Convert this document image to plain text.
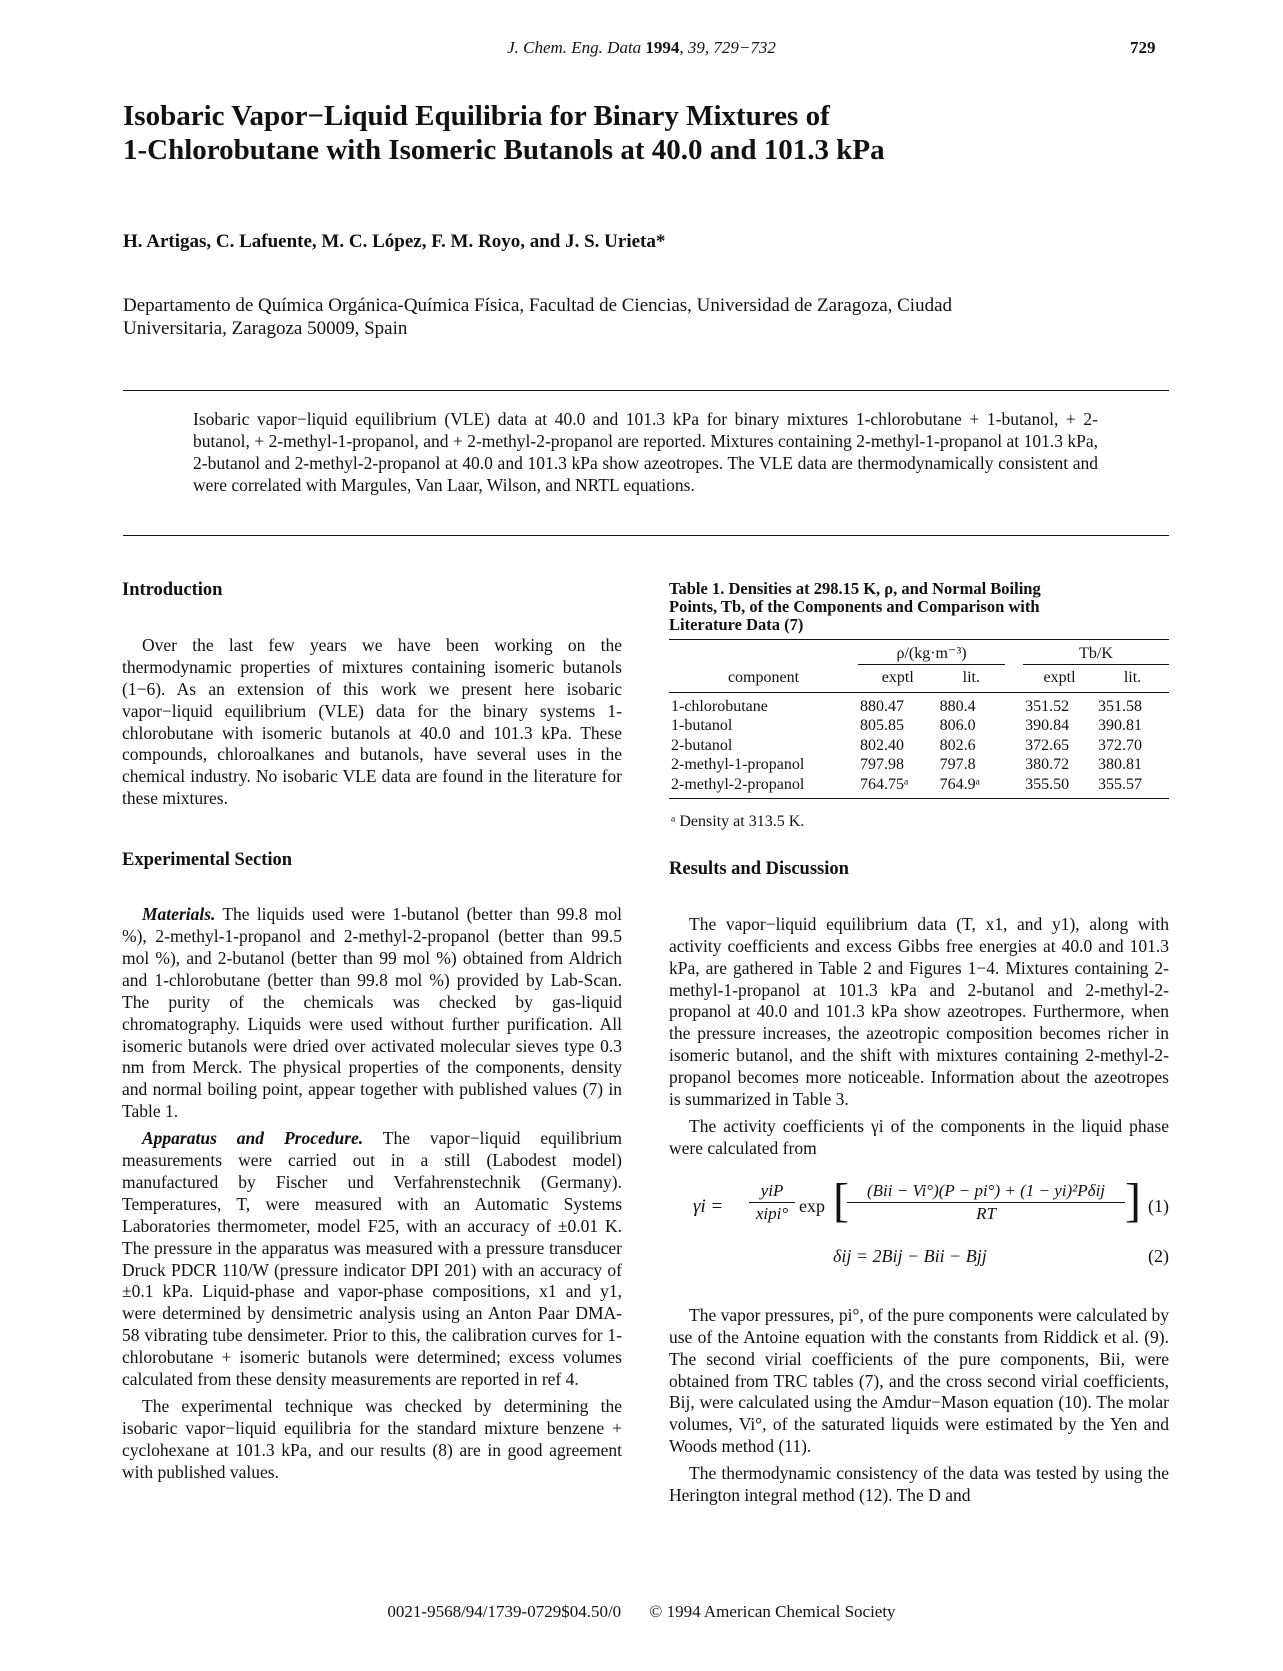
J. Chem. Eng. Data 1994, 39, 729−732	729
Isobaric Vapor−Liquid Equilibria for Binary Mixtures of
1-Chlorobutane with Isomeric Butanols at 40.0 and 101.3 kPa
H. Artigas, C. Lafuente, M. C. López, F. M. Royo, and J. S. Urieta*
Departamento de Química Orgánica-Química Física, Facultad de Ciencias, Universidad de Zaragoza, Ciudad
Universitaria, Zaragoza 50009, Spain
Isobaric vapor−liquid equilibrium (VLE) data at 40.0 and 101.3 kPa for binary mixtures 1-chlorobutane + 1-butanol, + 2-butanol, + 2-methyl-1-propanol, and + 2-methyl-2-propanol are reported. Mixtures containing 2-methyl-1-propanol at 101.3 kPa, 2-butanol and 2-methyl-2-propanol at 40.0 and 101.3 kPa show azeotropes. The VLE data are thermodynamically consistent and were correlated with Margules, Van Laar, Wilson, and NRTL equations.
Introduction

Over the last few years we have been working on the thermodynamic properties of mixtures containing isomeric butanols (1−6). As an extension of this work we present here isobaric vapor−liquid equilibrium (VLE) data for the binary systems 1-chlorobutane with isomeric butanols at 40.0 and 101.3 kPa. These compounds, chloroalkanes and butanols, have several uses in the chemical industry. No isobaric VLE data are found in the literature for these mixtures.

Experimental Section

Materials. The liquids used were 1-butanol (better than 99.8 mol %), 2-methyl-1-propanol and 2-methyl-2-propanol (better than 99.5 mol %), and 2-butanol (better than 99 mol %) obtained from Aldrich and 1-chlorobutane (better than 99.8 mol %) provided by Lab-Scan. The purity of the chemicals was checked by gas-liquid chromatography. Liquids were used without further purification. All isomeric butanols were dried over activated molecular sieves type 0.3 nm from Merck. The physical properties of the components, density and normal boiling point, appear together with published values (7) in Table 1.

Apparatus and Procedure. The vapor−liquid equilibrium measurements were carried out in a still (Labodest model) manufactured by Fischer und Verfahrenstechnik (Germany). Temperatures, T, were measured with an Automatic Systems Laboratories thermometer, model F25, with an accuracy of ±0.01 K. The pressure in the apparatus was measured with a pressure transducer Druck PDCR 110/W (pressure indicator DPI 201) with an accuracy of ±0.1 kPa. Liquid-phase and vapor-phase compositions, x1 and y1, were determined by densimetric analysis using an Anton Paar DMA-58 vibrating tube densimeter. Prior to this, the calibration curves for 1-chlorobutane + isomeric butanols were determined; excess volumes calculated from these density measurements are reported in ref 4.

The experimental technique was checked by determining the isobaric vapor−liquid equilibria for the standard mixture benzene + cyclohexane at 101.3 kPa, and our results (8) are in good agreement with published values.

Table 1. Densities at 298.15 K, ρ, and Normal Boiling
Points, Tb, of the Components and Comparison with
Literature Data (7)
	ρ/(kg·m⁻³)			Tb/K	
component	exptl	lit.		exptl	lit.
1-chlorobutane	880.47	880.4		351.52	351.58
1-butanol	805.85	806.0		390.84	390.81
2-butanol	802.40	802.6		372.65	372.70
2-methyl-1-propanol	797.98	797.8		380.72	380.81
2-methyl-2-propanol	764.75ᵃ	764.9ᵃ		355.50	355.57
ᵃ Density at 313.5 K.
Results and Discussion

The vapor−liquid equilibrium data (T, x1, and y1), along with activity coefficients and excess Gibbs free energies at 40.0 and 101.3 kPa, are gathered in Table 2 and Figures 1−4. Mixtures containing 2-methyl-1-propanol at 101.3 kPa and 2-butanol and 2-methyl-2-propanol at 40.0 and 101.3 kPa show azeotropes. Furthermore, when the pressure increases, the azeotropic composition becomes richer in isomeric butanol, and the shift with mixtures containing 2-methyl-2-propanol becomes more noticeable. Information about the azeotropes is summarized in Table 3.

The activity coefficients γi of the components in the liquid phase were calculated from

γi =
yiP
xipi° exp [	(Bii − Vi°)(P − pi°) + (1 − yi)²Pδij
RT	] (1)
δij = 2Bij − Bii − Bjj	(2)

The vapor pressures, pi°, of the pure components were calculated by use of the Antoine equation with the constants from Riddick et al. (9). The second virial coefficients of the pure components, Bii, were obtained from TRC tables (7), and the cross second virial coefficients, Bij, were calculated using the Amdur−Mason equation (10). The molar volumes, Vi°, of the saturated liquids were estimated by the Yen and Woods method (11).

The thermodynamic consistency of the data was tested by using the Herington integral method (12). The D and

0021-9568/94/1739-0729$04.50/0 © 1994 American Chemical Society
